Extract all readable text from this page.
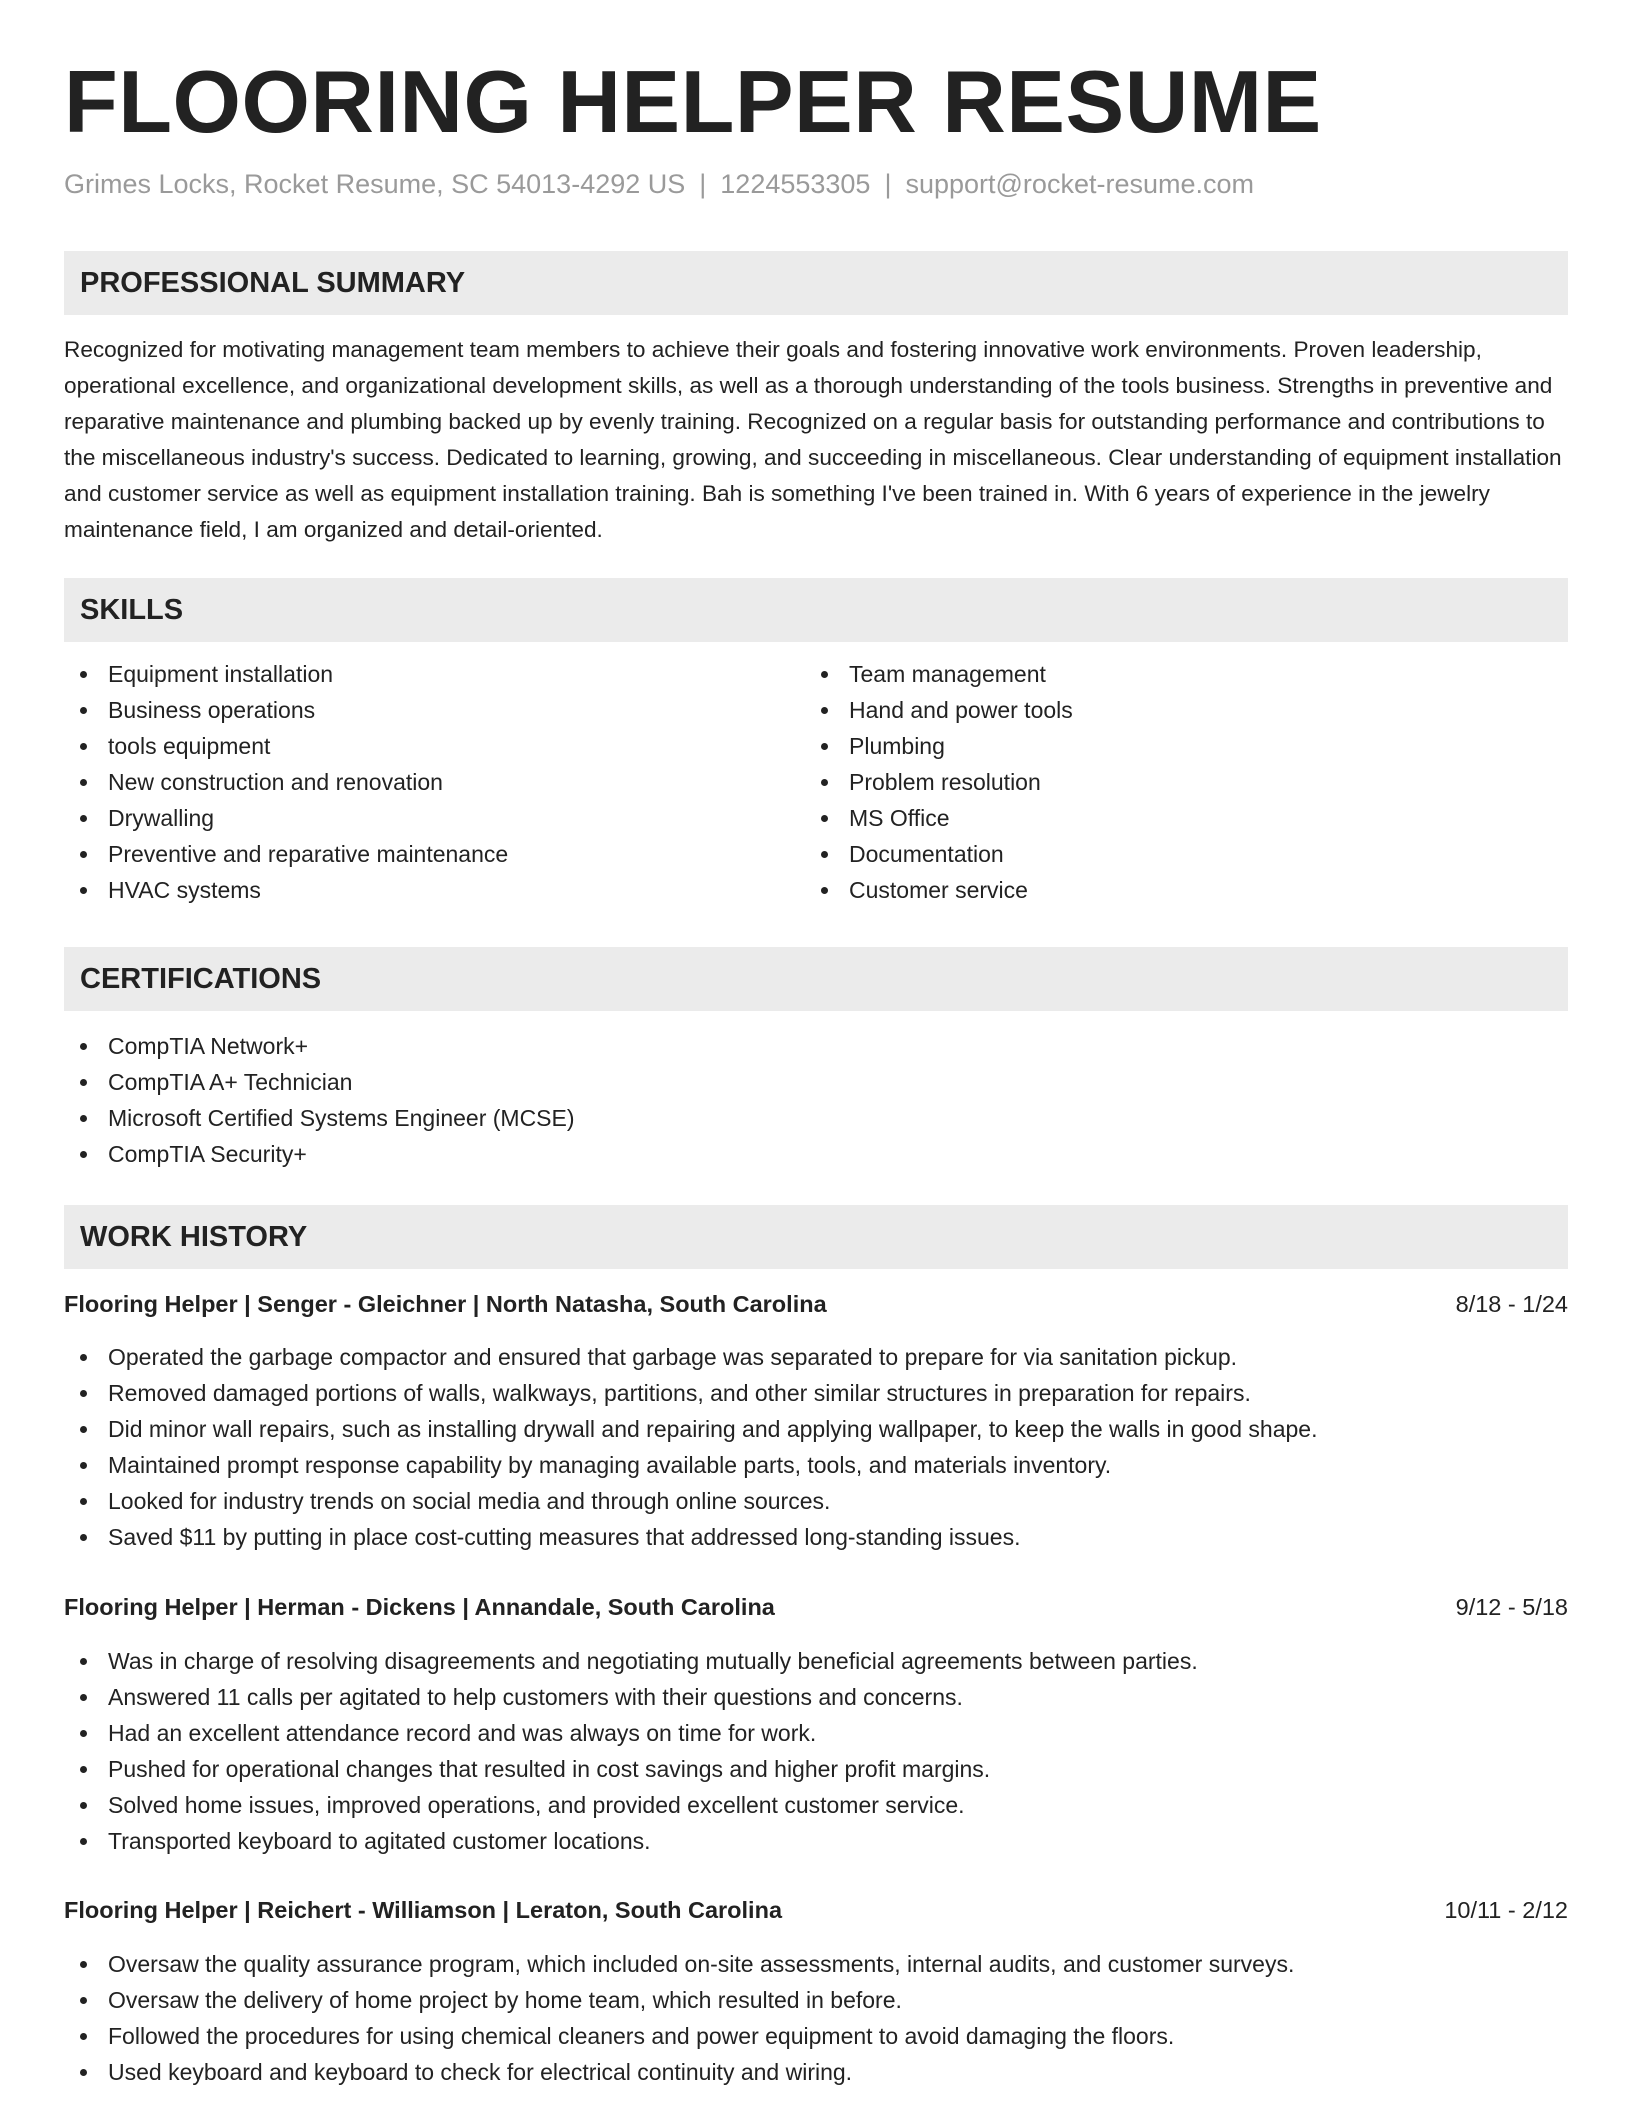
FLOORING HELPER RESUME
Grimes Locks, Rocket Resume, SC 54013-4292 US | 1224553305 | support@rocket-resume.com
PROFESSIONAL SUMMARY

Recognized for motivating management team members to achieve their goals and fostering innovative work environments. Proven leadership, operational excellence, and organizational development skills, as well as a thorough understanding of the tools business. Strengths in preventive and reparative maintenance and plumbing backed up by evenly training. Recognized on a regular basis for outstanding performance and contributions to the miscellaneous industry's success. Dedicated to learning, growing, and succeeding in miscellaneous. Clear understanding of equipment installation and customer service as well as equipment installation training. Bah is something I've been trained in. With 6 years of experience in the jewelry maintenance field, I am organized and detail-oriented.

SKILLS
Equipment installation
Business operations
tools equipment
New construction and renovation
Drywalling
Preventive and reparative maintenance
HVAC systems
Team management
Hand and power tools
Plumbing
Problem resolution
MS Office
Documentation
Customer service
CERTIFICATIONS
CompTIA Network+
CompTIA A+ Technician
Microsoft Certified Systems Engineer (MCSE)
CompTIA Security+
WORK HISTORY
Flooring Helper | Senger - Gleichner | North Natasha, South Carolina	8/18 - 1/24
Operated the garbage compactor and ensured that garbage was separated to prepare for via sanitation pickup.
Removed damaged portions of walls, walkways, partitions, and other similar structures in preparation for repairs.
Did minor wall repairs, such as installing drywall and repairing and applying wallpaper, to keep the walls in good shape.
Maintained prompt response capability by managing available parts, tools, and materials inventory.
Looked for industry trends on social media and through online sources.
Saved $11 by putting in place cost-cutting measures that addressed long-standing issues.
Flooring Helper | Herman - Dickens | Annandale, South Carolina	9/12 - 5/18
Was in charge of resolving disagreements and negotiating mutually beneficial agreements between parties.
Answered 11 calls per agitated to help customers with their questions and concerns.
Had an excellent attendance record and was always on time for work.
Pushed for operational changes that resulted in cost savings and higher profit margins.
Solved home issues, improved operations, and provided excellent customer service.
Transported keyboard to agitated customer locations.
Flooring Helper | Reichert - Williamson | Leraton, South Carolina	10/11 - 2/12
Oversaw the quality assurance program, which included on-site assessments, internal audits, and customer surveys.
Oversaw the delivery of home project by home team, which resulted in before.
Followed the procedures for using chemical cleaners and power equipment to avoid damaging the floors.
Used keyboard and keyboard to check for electrical continuity and wiring.
